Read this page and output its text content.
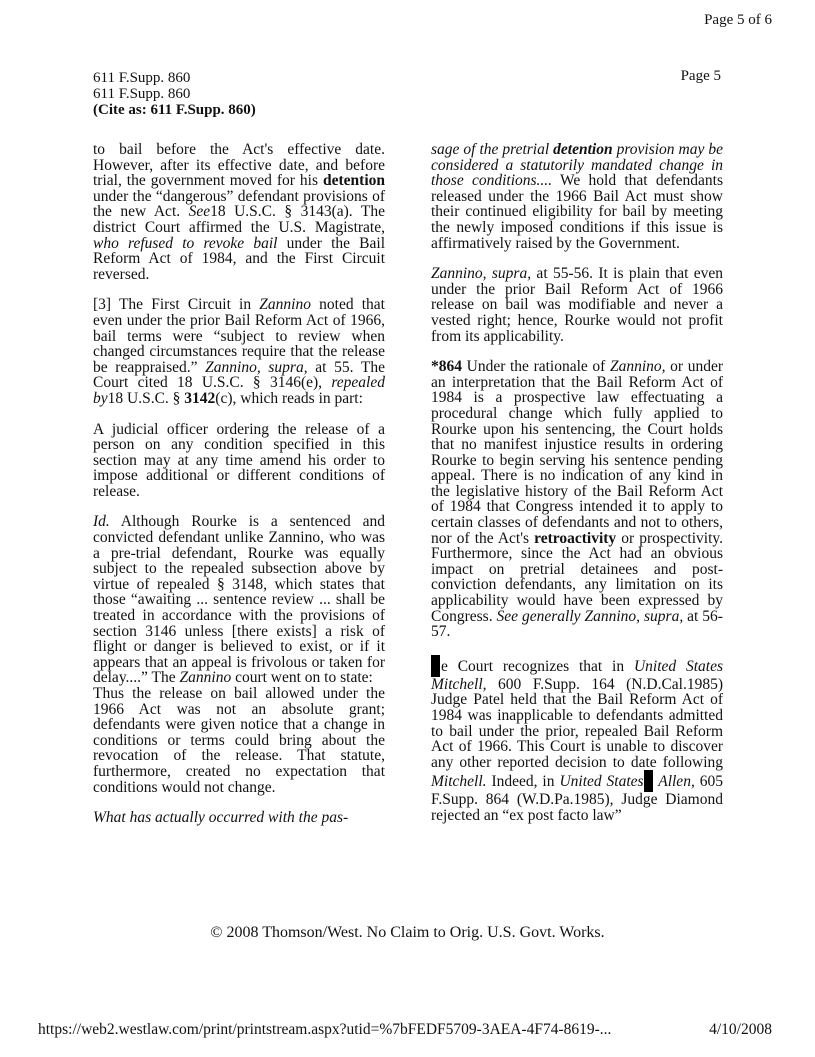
Page 5 of 6
611 F.Supp. 860
611 F.Supp. 860
(Cite as: 611 F.Supp. 860)
Page 5

to bail before the Act's effective date. However, after its effective date, and before trial, the government moved for his detention under the “dangerous” defendant provisions of the new Act. See18 U.S.C. § 3143(a). The district Court affirmed the U.S. Magistrate, who refused to revoke bail under the Bail Reform Act of 1984, and the First Circuit reversed.

[3] The First Circuit in Zannino noted that even under the prior Bail Reform Act of 1966, bail terms were “subject to review when changed circumstances require that the release be reappraised.” Zannino, supra, at 55. The Court cited 18 U.S.C. § 3146(e), repealed by18 U.S.C. § 3142(c), which reads in part:

A judicial officer ordering the release of a person on any condition specified in this section may at any time amend his order to impose additional or different conditions of release.

Id. Although Rourke is a sentenced and convicted defendant unlike Zannino, who was a pre-trial defendant, Rourke was equally subject to the repealed subsection above by virtue of repealed § 3148, which states that those “awaiting ... sentence review ... shall be treated in accordance with the provisions of section 3146 unless [there exists] a risk of flight or danger is believed to exist, or if it appears that an appeal is frivolous or taken for delay....” The Zannino court went on to state:

Thus the release on bail allowed under the 1966 Act was not an absolute grant; defendants were given notice that a change in conditions or terms could bring about the revocation of the release. That statute, furthermore, created no expectation that conditions would not change.

What has actually occurred with the pas-

sage of the pretrial detention provision may be considered a statutorily mandated change in those conditions.... We hold that defendants released under the 1966 Bail Act must show their continued eligibility for bail by meeting the newly imposed conditions if this issue is affirmatively raised by the Government.

Zannino, supra, at 55-56. It is plain that even under the prior Bail Reform Act of 1966 release on bail was modifiable and never a vested right; hence, Rourke would not profit from its applicability.

*864 Under the rationale of Zannino, or under an interpretation that the Bail Reform Act of 1984 is a prospective law effectuating a procedural change which fully applied to Rourke upon his sentencing, the Court holds that no manifest injustice results in ordering Rourke to begin serving his sentence pending appeal. There is no indication of any kind in the legislative history of the Bail Reform Act of 1984 that Congress intended it to apply to certain classes of defendants and not to others, nor of the Act's retroactivity or prospectivity. Furthermore, since the Act had an obvious impact on pretrial detainees and post-conviction defendants, any limitation on its applicability would have been expressed by Congress. See generally Zannino, supra, at 56-57.

e Court recognizes that in United States Mitchell, 600 F.Supp. 164 (N.D.Cal.1985) Judge Patel held that the Bail Reform Act of 1984 was inapplicable to defendants admitted to bail under the prior, repealed Bail Reform Act of 1966. This Court is unable to discover any other reported decision to date following Mitchell. Indeed, in United States Allen, 605 F.Supp. 864 (W.D.Pa.1985), Judge Diamond rejected an “ex post facto law”

© 2008 Thomson/West. No Claim to Orig. U.S. Govt. Works.
https://web2.westlaw.com/print/printstream.aspx?utid=%7bFEDF5709-3AEA-4F74-8619-...	4/10/2008
